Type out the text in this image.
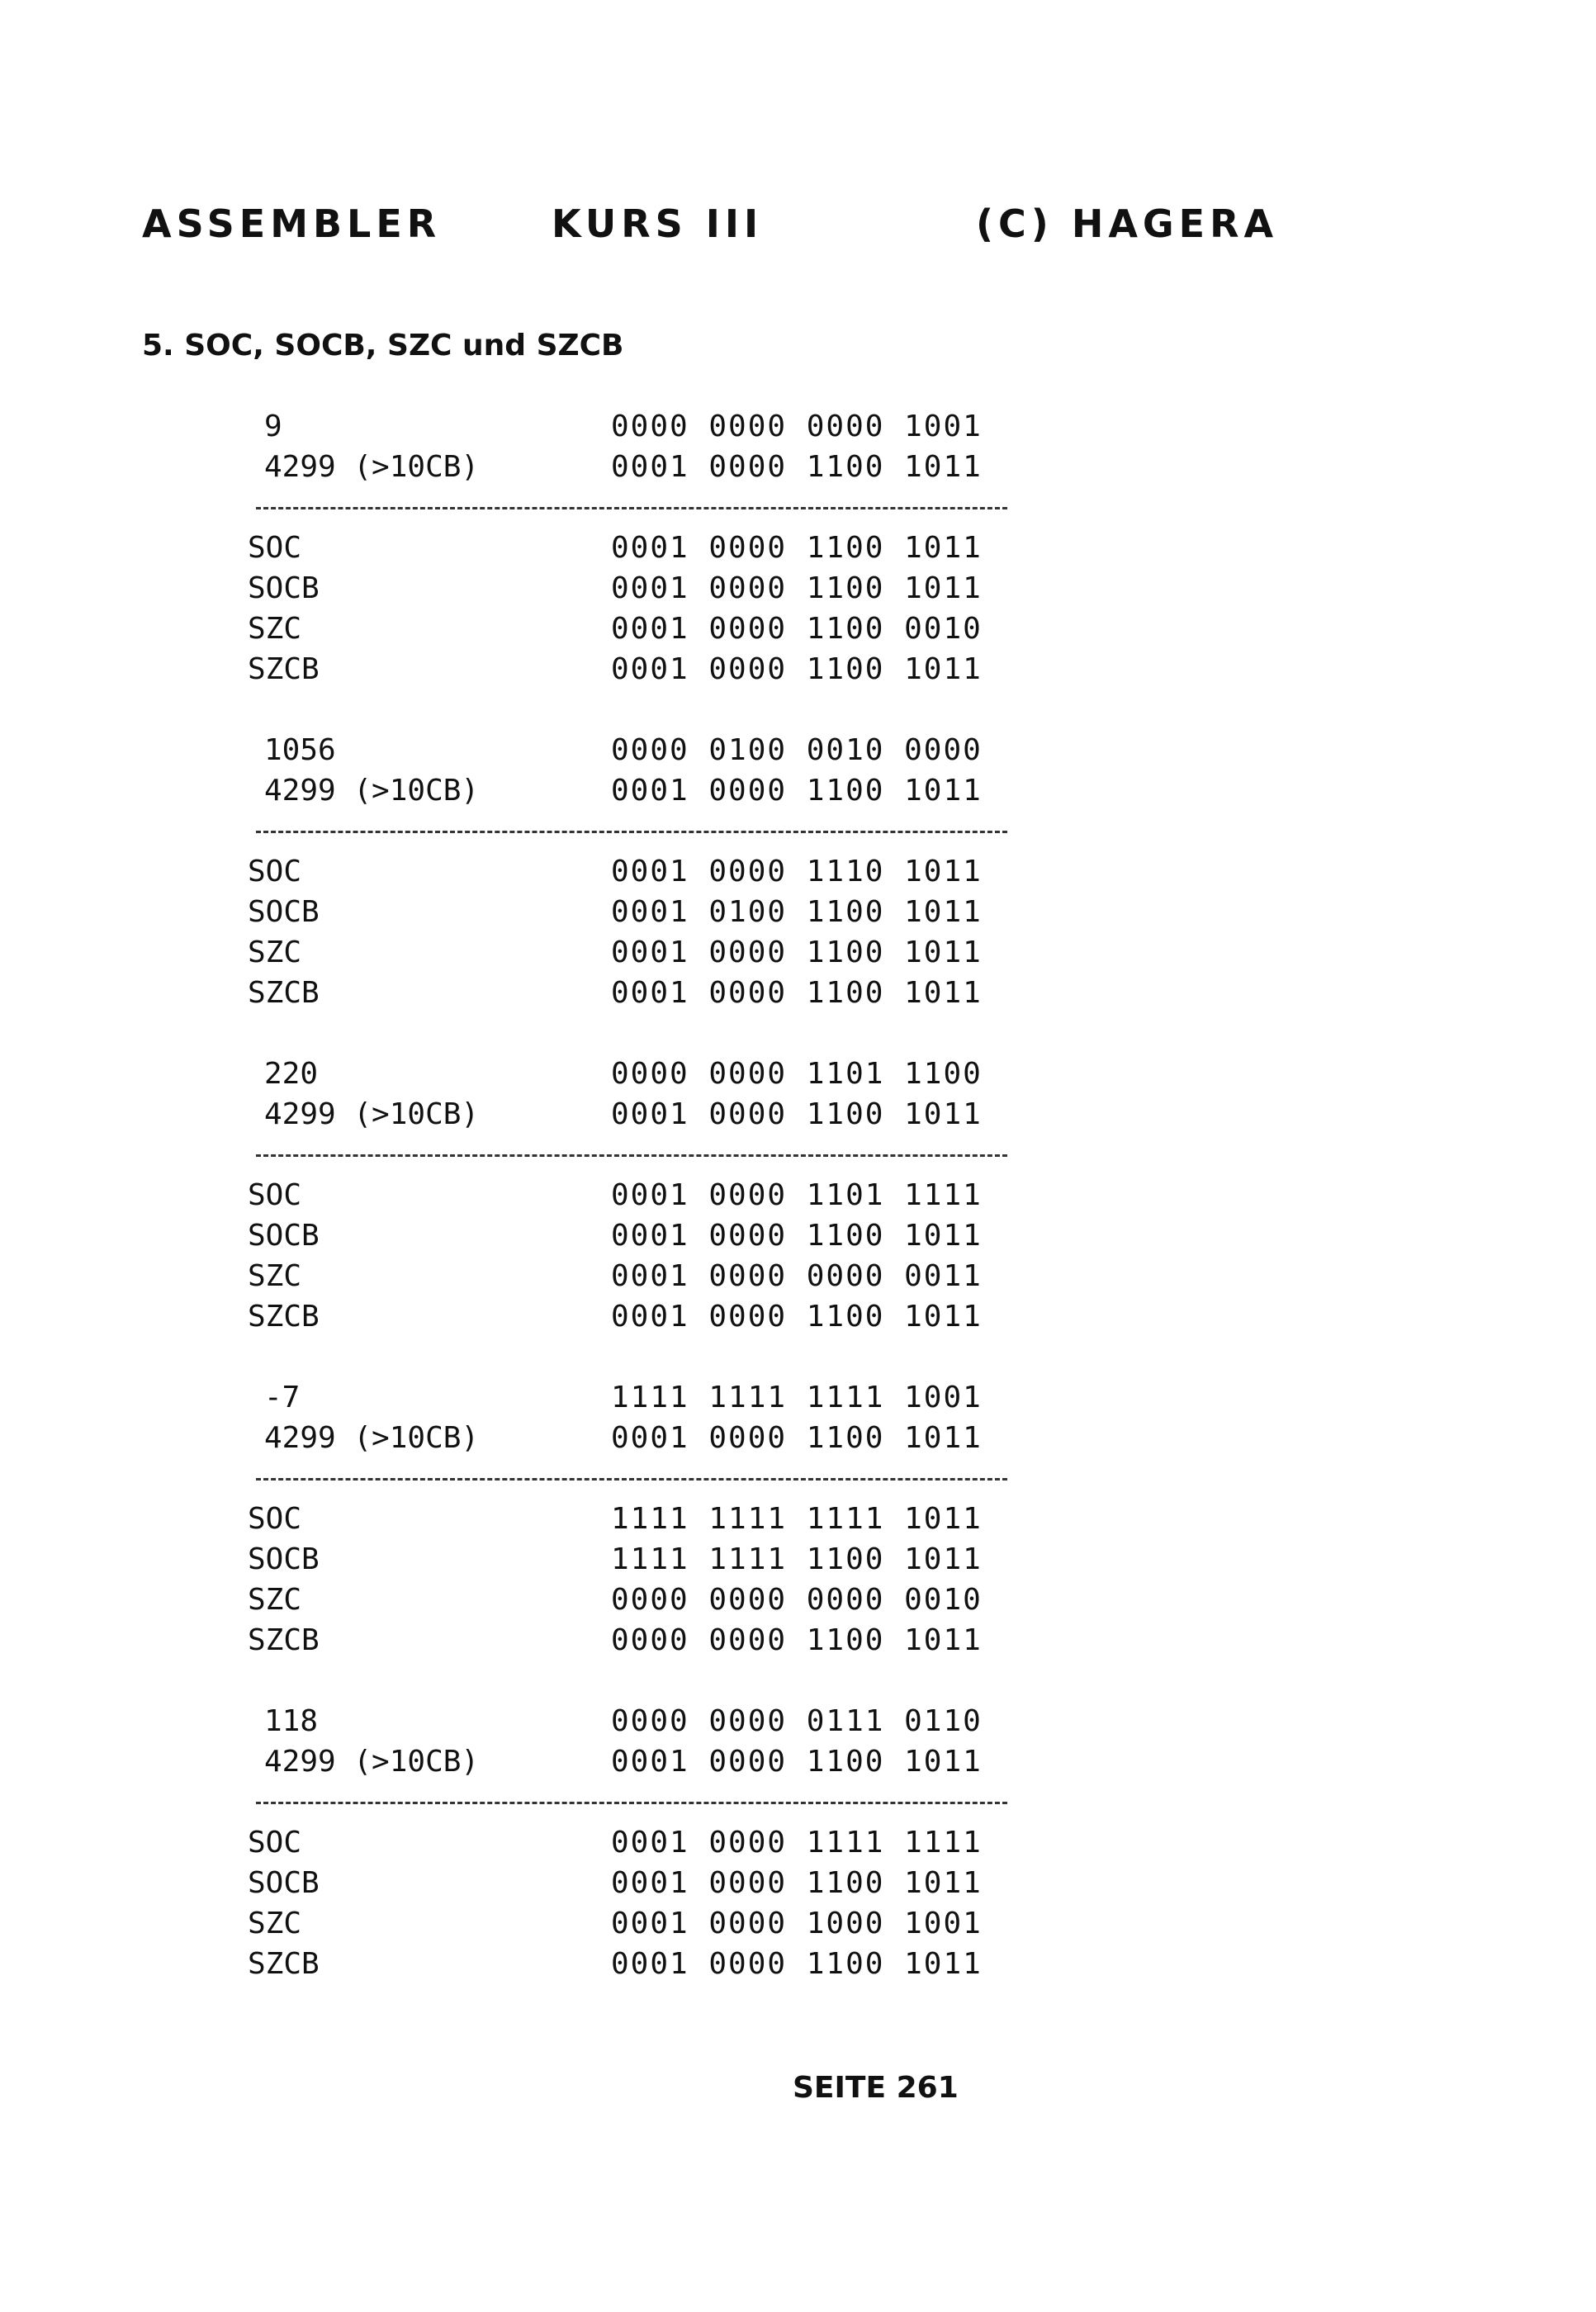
ASSEMBLER	KURS III	(C) HAGERA
5. SOC, SOCB, SZC und SZCB
9	0000 0000 0000 1001
4299 (>10CB)	0001 0000 1100 1011
SOC	0001 0000 1100 1011
SOCB	0001 0000 1100 1011
SZC	0001 0000 1100 0010
SZCB	0001 0000 1100 1011
1056	0000 0100 0010 0000
4299 (>10CB)	0001 0000 1100 1011
SOC	0001 0000 1110 1011
SOCB	0001 0100 1100 1011
SZC	0001 0000 1100 1011
SZCB	0001 0000 1100 1011
220	0000 0000 1101 1100
4299 (>10CB)	0001 0000 1100 1011
SOC	0001 0000 1101 1111
SOCB	0001 0000 1100 1011
SZC	0001 0000 0000 0011
SZCB	0001 0000 1100 1011
-7	1111 1111 1111 1001
4299 (>10CB)	0001 0000 1100 1011
SOC	1111 1111 1111 1011
SOCB	1111 1111 1100 1011
SZC	0000 0000 0000 0010
SZCB	0000 0000 1100 1011
118	0000 0000 0111 0110
4299 (>10CB)	0001 0000 1100 1011
SOC	0001 0000 1111 1111
SOCB	0001 0000 1100 1011
SZC	0001 0000 1000 1001
SZCB	0001 0000 1100 1011
SEITE 261
